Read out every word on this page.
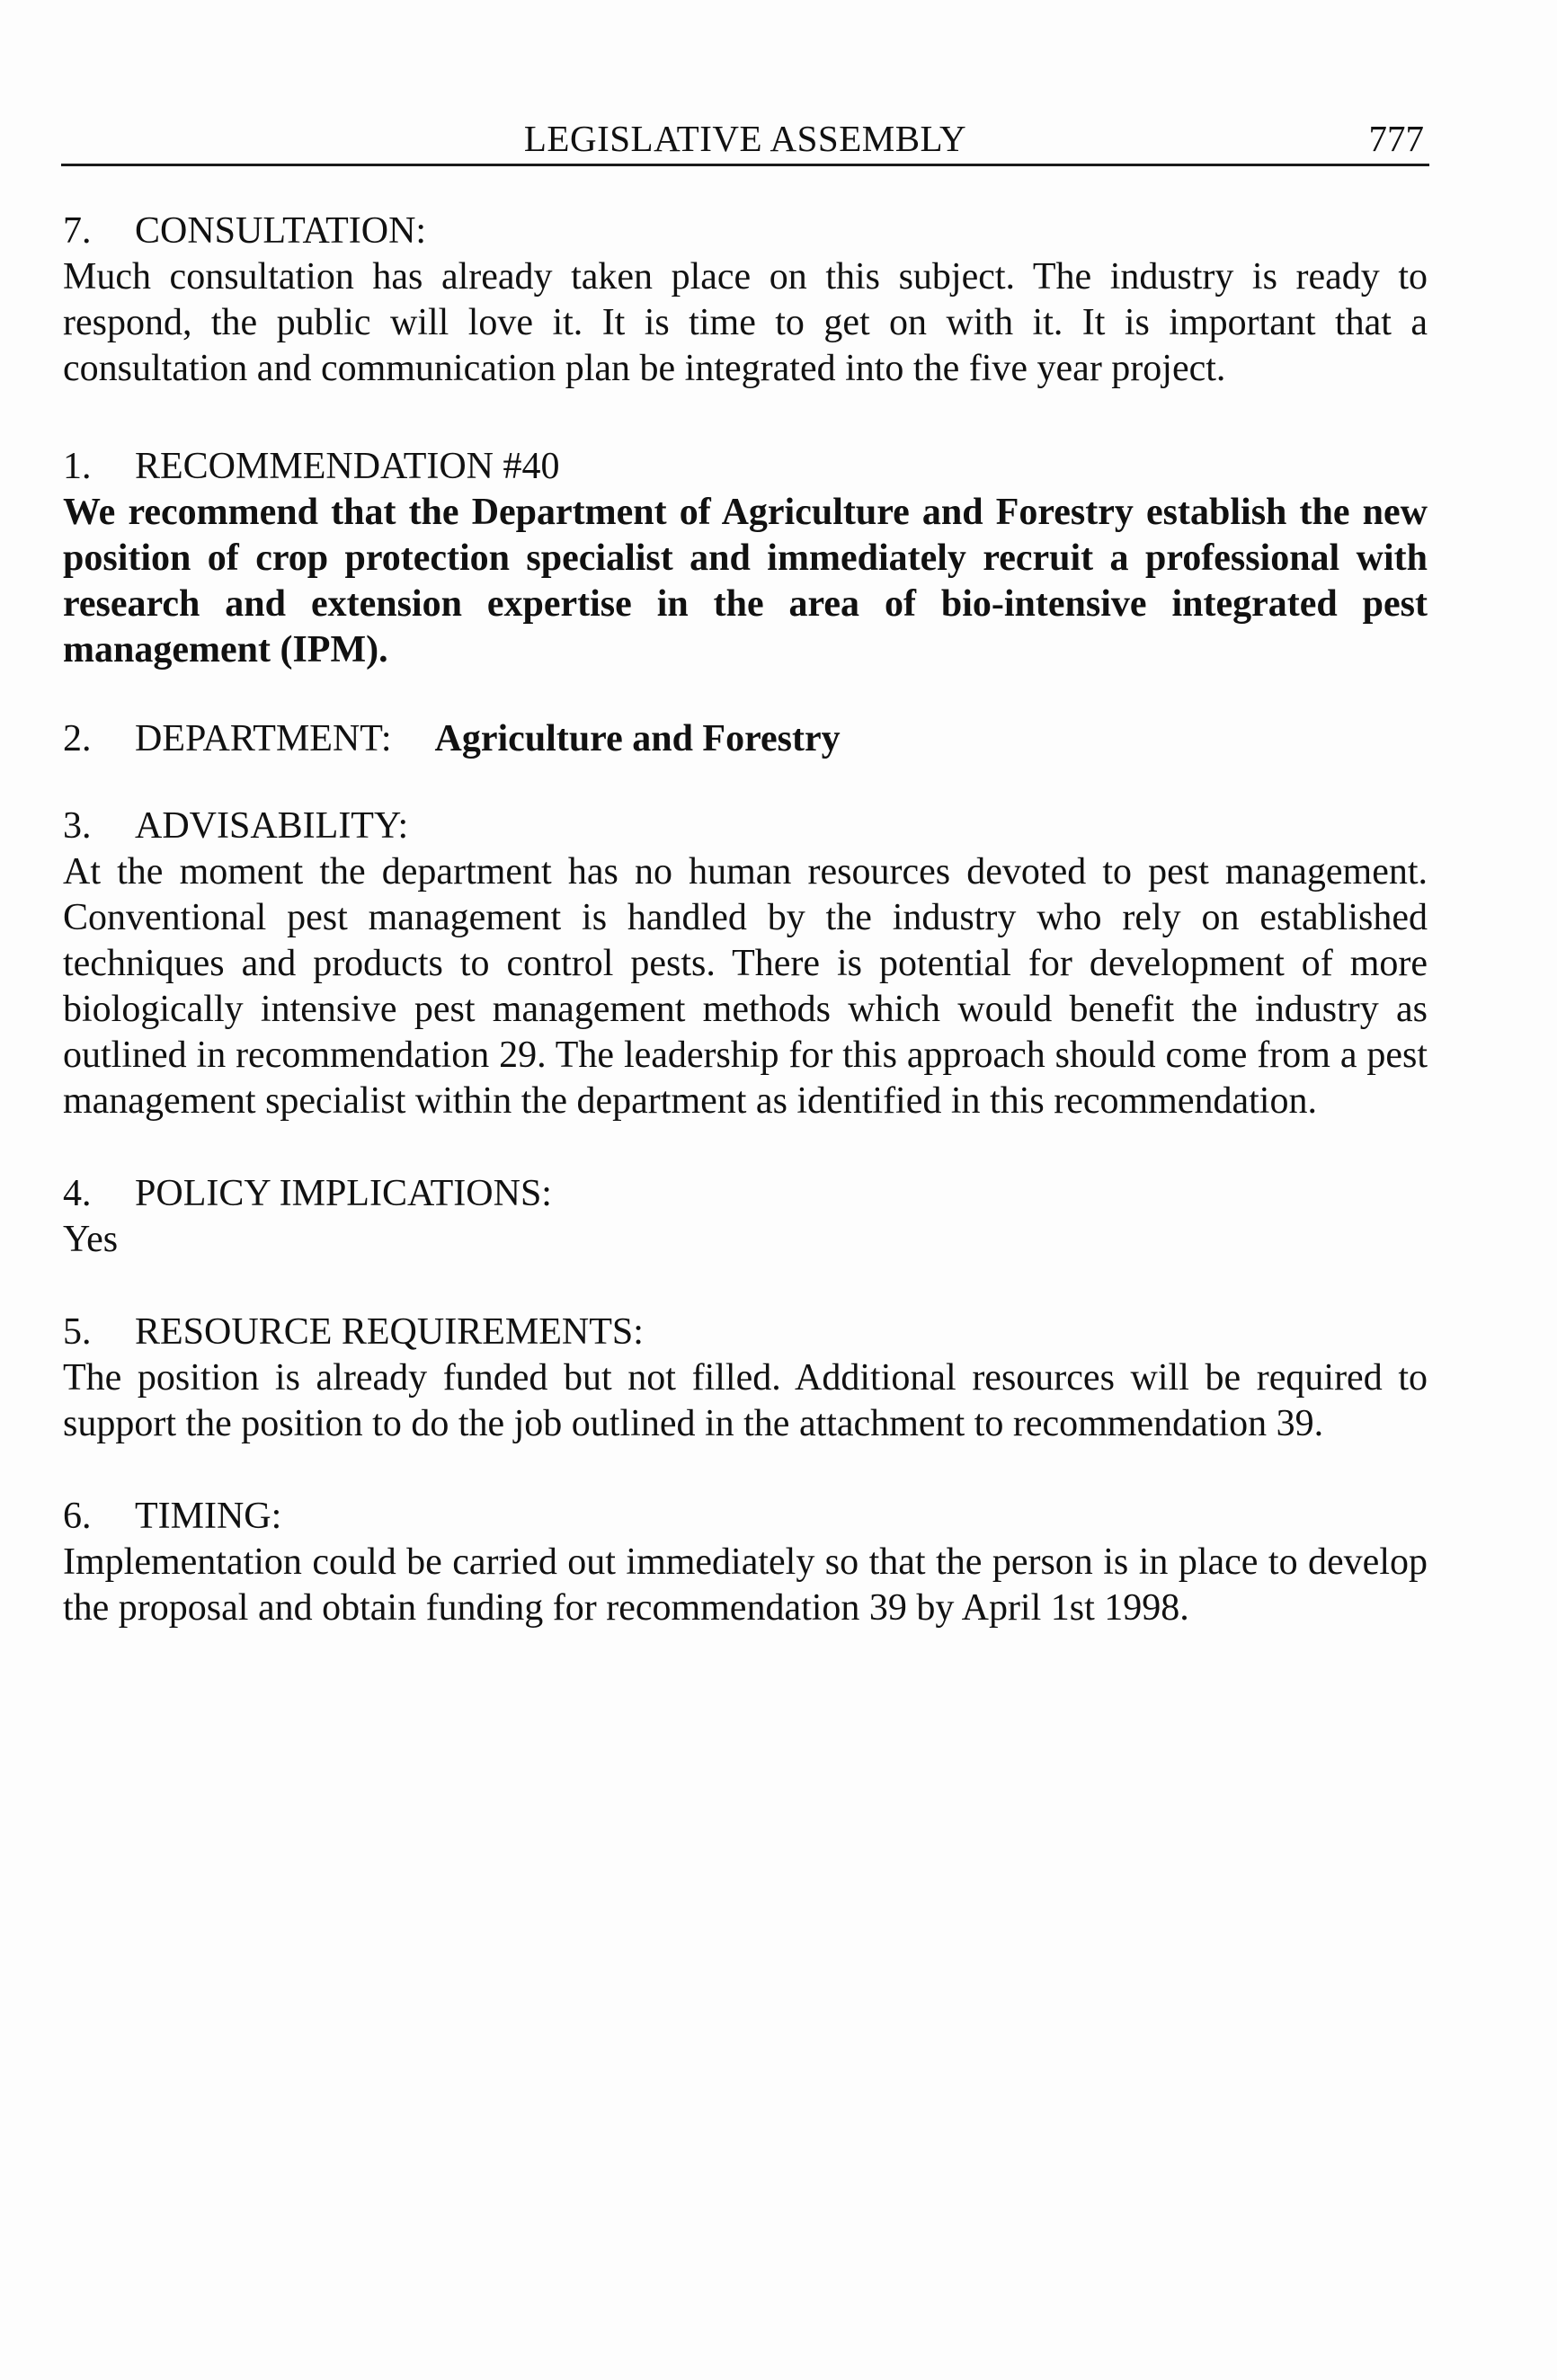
LEGISLATIVE ASSEMBLY	777
7. CONSULTATION:

Much consultation has already taken place on this subject. The industry is ready to respond, the public will love it. It is time to get on with it. It is important that a consultation and communication plan be integrated into the five year project.

1. RECOMMENDATION #40

We recommend that the Department of Agriculture and Forestry establish the new position of crop protection specialist and immediately recruit a professional with research and extension expertise in the area of bio-intensive integrated pest management (IPM).

2. DEPARTMENT: Agriculture and Forestry
3. ADVISABILITY:

At the moment the department has no human resources devoted to pest management. Conventional pest management is handled by the industry who rely on established techniques and products to control pests. There is potential for development of more biologically intensive pest management methods which would benefit the industry as outlined in recommendation 29. The leadership for this approach should come from a pest management specialist within the department as identified in this recommendation.

4. POLICY IMPLICATIONS:

Yes

5. RESOURCE REQUIREMENTS:

The position is already funded but not filled. Additional resources will be required to support the position to do the job outlined in the attachment to recommendation 39.

6. TIMING:

Implementation could be carried out immediately so that the person is in place to develop the proposal and obtain funding for recommendation 39 by April 1st 1998.
